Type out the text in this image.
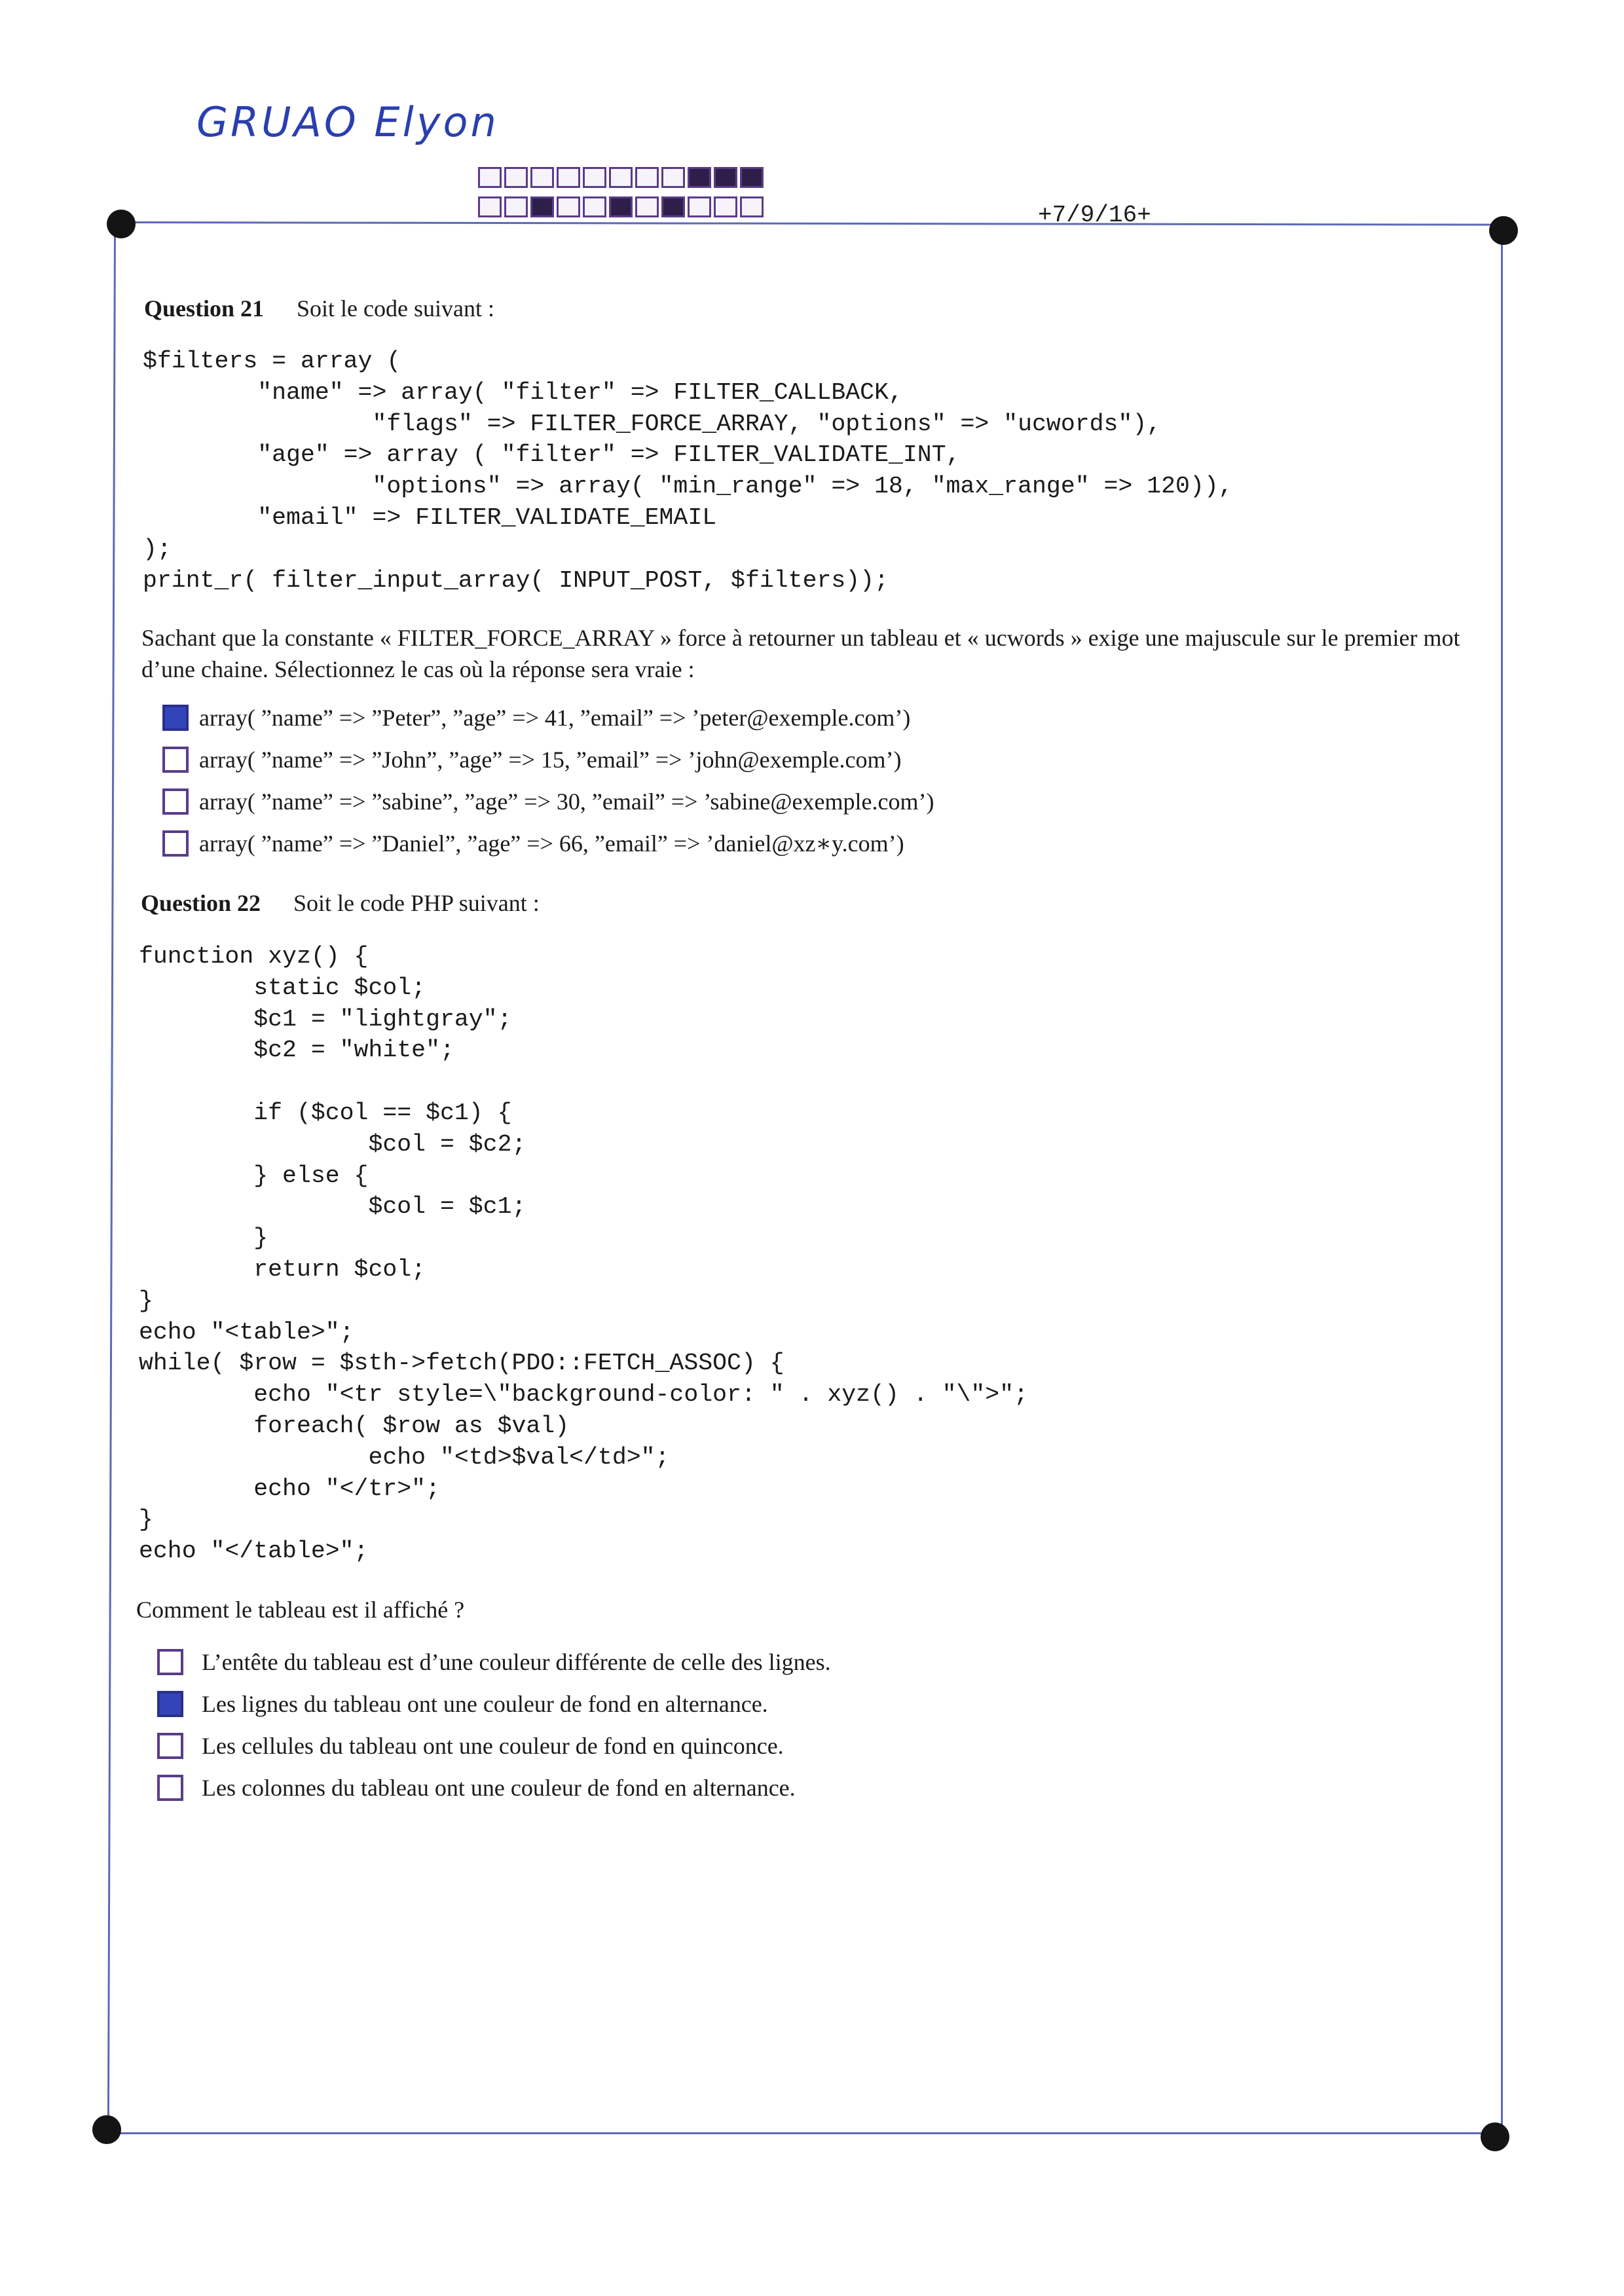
GRUAO Elyon
+7/9/16+
Question 21 Soit le code suivant :
$filters = array (
"name" => array( "filter" => FILTER_CALLBACK,
"flags" => FILTER_FORCE_ARRAY, "options" => "ucwords"),
"age" => array ( "filter" => FILTER_VALIDATE_INT,
"options" => array( "min_range" => 18, "max_range" => 120)),
"email" => FILTER_VALIDATE_EMAIL
);
print_r( filter_input_array( INPUT_POST, $filters));
Sachant que la constante « FILTER_FORCE_ARRAY » force à retourner un tableau et « ucwords » exige une majuscule sur le premier mot d’une chaine. Sélectionnez le cas où la réponse sera vraie :
array( ”name” => ”Peter”, ”age” => 41, ”email” => ’peter@exemple.com’)
array( ”name” => ”John”, ”age” => 15, ”email” => ’john@exemple.com’)
array( ”name” => ”sabine”, ”age” => 30, ”email” => ’sabine@exemple.com’)
array( ”name” => ”Daniel”, ”age” => 66, ”email” => ’daniel@xz∗y.com’)
Question 22 Soit le code PHP suivant :
function xyz() {
static $col;
$c1 = "lightgray";
$c2 = "white";

if ($col == $c1) {
$col = $c2;
} else {
$col = $c1;
}
return $col;
}
echo "<table>";
while( $row = $sth->fetch(PDO::FETCH_ASSOC) {
echo "<tr style=\"background-color: " . xyz() . "\">";
foreach( $row as $val)
echo "<td>$val</td>";
echo "</tr>";
}
echo "</table>";
Comment le tableau est il affiché ?
L’entête du tableau est d’une couleur différente de celle des lignes.
Les lignes du tableau ont une couleur de fond en alternance.
Les cellules du tableau ont une couleur de fond en quinconce.
Les colonnes du tableau ont une couleur de fond en alternance.
